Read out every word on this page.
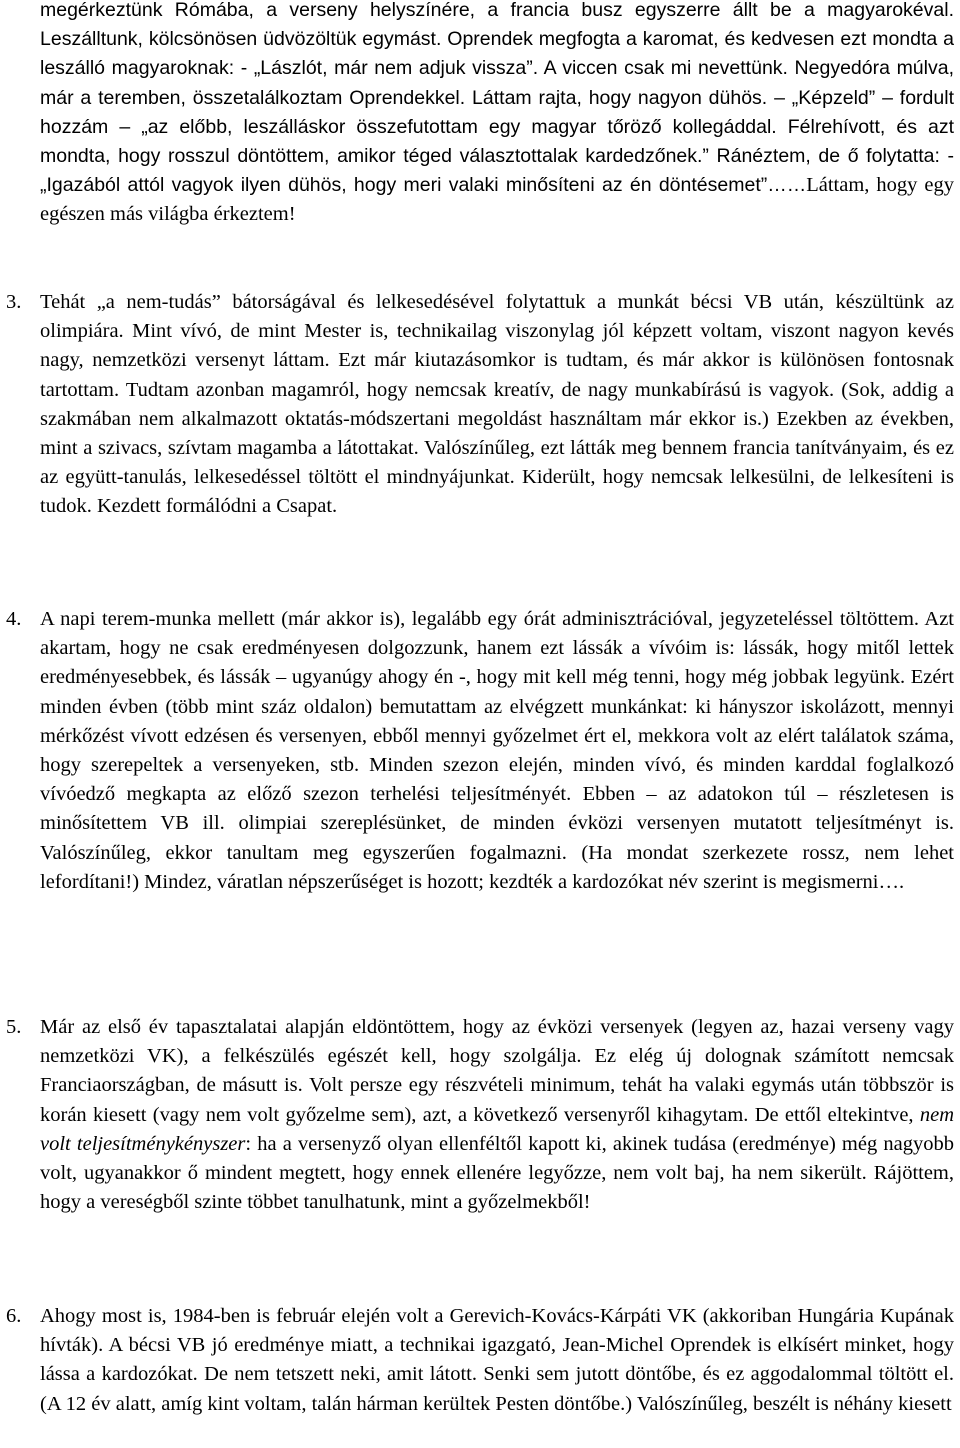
megérkeztünk Rómába, a verseny helyszínére, a francia busz egyszerre állt be a magyarokéval. Leszálltunk, kölcsönösen üdvözöltük egymást. Oprendek megfogta a karomat, és kedvesen ezt mondta a leszálló magyaroknak: - „Lászlót, már nem adjuk vissza”. A viccen csak mi nevettünk. Negyedóra múlva, már a teremben, összetalálkoztam Oprendekkel. Láttam rajta, hogy nagyon dühös. – „Képzeld” – fordult hozzám – „az előbb, leszálláskor összefutottam egy magyar tőröző kollegáddal. Félrehívott, és azt mondta, hogy rosszul döntöttem, amikor téged választottalak kardedzőnek.” Ránéztem, de ő folytatta: - „Igazából attól vagyok ilyen dühös, hogy meri valaki minősíteni az én döntésemet”……Láttam, hogy egy egészen más világba érkeztem!

3. Tehát „a nem-tudás” bátorságával és lelkesedésével folytattuk a munkát bécsi VB után, készültünk az olimpiára. Mint vívó, de mint Mester is, technikailag viszonylag jól képzett voltam, viszont nagyon kevés nagy, nemzetközi versenyt láttam. Ezt már kiutazásomkor is tudtam, és már akkor is különösen fontosnak tartottam. Tudtam azonban magamról, hogy nemcsak kreatív, de nagy munkabírású is vagyok. (Sok, addig a szakmában nem alkalmazott oktatás-módszertani megoldást használtam már ekkor is.) Ezekben az években, mint a szivacs, szívtam magamba a látottakat. Valószínűleg, ezt látták meg bennem francia tanítványaim, és ez az együtt-tanulás, lelkesedéssel töltött el mindnyájunkat. Kiderült, hogy nemcsak lelkesülni, de lelkesíteni is tudok. Kezdett formálódni a Csapat.

4. A napi terem-munka mellett (már akkor is), legalább egy órát adminisztrációval, jegyzeteléssel töltöttem. Azt akartam, hogy ne csak eredményesen dolgozzunk, hanem ezt lássák a vívóim is: lássák, hogy mitől lettek eredményesebbek, és lássák – ugyanúgy ahogy én -, hogy mit kell még tenni, hogy még jobbak legyünk. Ezért minden évben (több mint száz oldalon) bemutattam az elvégzett munkánkat: ki hányszor iskolázott, mennyi mérkőzést vívott edzésen és versenyen, ebből mennyi győzelmet ért el, mekkora volt az elért találatok száma, hogy szerepeltek a versenyeken, stb. Minden szezon elején, minden vívó, és minden karddal foglalkozó vívóedző megkapta az előző szezon terhelési teljesítményét. Ebben – az adatokon túl – részletesen is minősítettem VB ill. olimpiai szereplésünket, de minden évközi versenyen mutatott teljesítményt is. Valószínűleg, ekkor tanultam meg egyszerűen fogalmazni. (Ha mondat szerkezete rossz, nem lehet lefordítani!) Mindez, váratlan népszerűséget is hozott; kezdték a kardozókat név szerint is megismerni….

5. Már az első év tapasztalatai alapján eldöntöttem, hogy az évközi versenyek (legyen az, hazai verseny vagy nemzetközi VK), a felkészülés egészét kell, hogy szolgálja. Ez elég új dolognak számított nemcsak Franciaországban, de másutt is. Volt persze egy részvételi minimum, tehát ha valaki egymás után többször is korán kiesett (vagy nem volt győzelme sem), azt, a következő versenyről kihagytam. De ettől eltekintve, nem volt teljesítménykényszer: ha a versenyző olyan ellenféltől kapott ki, akinek tudása (eredménye) még nagyobb volt, ugyanakkor ő mindent megtett, hogy ennek ellenére legyőzze, nem volt baj, ha nem sikerült. Rájöttem, hogy a vereségből szinte többet tanulhatunk, mint a győzelmekből!

6. Ahogy most is, 1984-ben is február elején volt a Gerevich-Kovács-Kárpáti VK (akkoriban Hungária Kupának hívták). A bécsi VB jó eredménye miatt, a technikai igazgató, Jean-Michel Oprendek is elkísért minket, hogy lássa a kardozókat. De nem tetszett neki, amit látott. Senki sem jutott döntőbe, és ez aggodalommal töltött el. (A 12 év alatt, amíg kint voltam, talán hárman kerültek Pesten döntőbe.) Valószínűleg, beszélt is néhány kiesett
